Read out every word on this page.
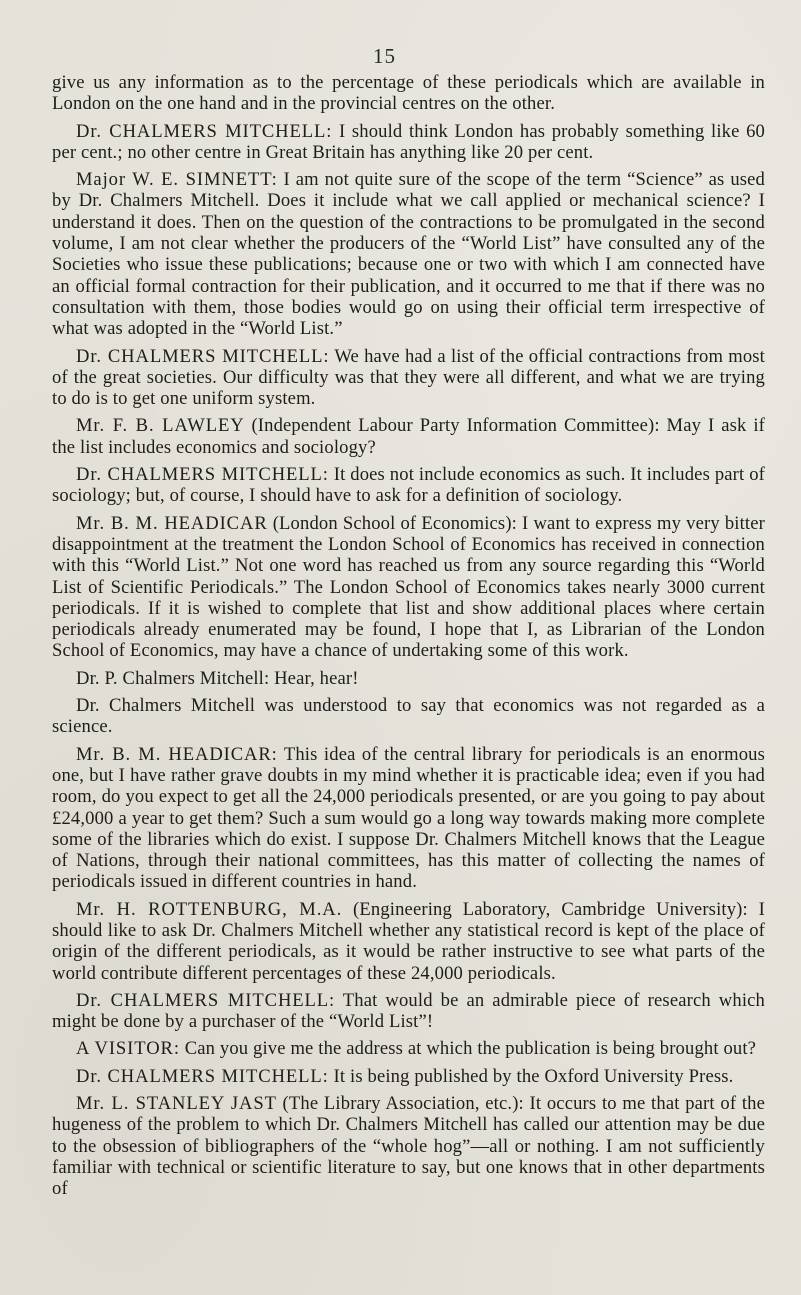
15

give us any information as to the percentage of these periodicals which are available in London on the one hand and in the provincial centres on the other.

Dr. CHALMERS MITCHELL: I should think London has probably something like 60 per cent.; no other centre in Great Britain has anything like 20 per cent.

Major W. E. SIMNETT: I am not quite sure of the scope of the term “Science” as used by Dr. Chalmers Mitchell. Does it include what we call applied or mechanical science? I understand it does. Then on the question of the contractions to be promulgated in the second volume, I am not clear whether the producers of the “World List” have consulted any of the Societies who issue these publications; because one or two with which I am connected have an official formal contraction for their publication, and it occurred to me that if there was no consultation with them, those bodies would go on using their official term irrespective of what was adopted in the “World List.”

Dr. CHALMERS MITCHELL: We have had a list of the official contractions from most of the great societies. Our difficulty was that they were all different, and what we are trying to do is to get one uniform system.

Mr. F. B. LAWLEY (Independent Labour Party Information Committee): May I ask if the list includes economics and sociology?

Dr. CHALMERS MITCHELL: It does not include economics as such. It includes part of sociology; but, of course, I should have to ask for a definition of sociology.

Mr. B. M. HEADICAR (London School of Economics): I want to express my very bitter disappointment at the treatment the London School of Economics has received in connection with this “World List.” Not one word has reached us from any source regarding this “World List of Scientific Periodicals.” The London School of Economics takes nearly 3000 current periodicals. If it is wished to complete that list and show additional places where certain periodicals already enumerated may be found, I hope that I, as Librarian of the London School of Economics, may have a chance of undertaking some of this work.

Dr. P. Chalmers Mitchell: Hear, hear!

Dr. Chalmers Mitchell was understood to say that economics was not regarded as a science.

Mr. B. M. HEADICAR: This idea of the central library for periodicals is an enormous one, but I have rather grave doubts in my mind whether it is practicable idea; even if you had room, do you expect to get all the 24,000 periodicals presented, or are you going to pay about £24,000 a year to get them? Such a sum would go a long way towards making more complete some of the libraries which do exist. I suppose Dr. Chalmers Mitchell knows that the League of Nations, through their national committees, has this matter of collecting the names of periodicals issued in different countries in hand.

Mr. H. ROTTENBURG, M.A. (Engineering Laboratory, Cambridge University): I should like to ask Dr. Chalmers Mitchell whether any statistical record is kept of the place of origin of the different periodicals, as it would be rather instructive to see what parts of the world contribute different percentages of these 24,000 periodicals.

Dr. CHALMERS MITCHELL: That would be an admirable piece of research which might be done by a purchaser of the “World List”!

A VISITOR: Can you give me the address at which the publication is being brought out?

Dr. CHALMERS MITCHELL: It is being published by the Oxford University Press.

Mr. L. STANLEY JAST (The Library Association, etc.): It occurs to me that part of the hugeness of the problem to which Dr. Chalmers Mitchell has called our attention may be due to the obsession of bibliographers of the “whole hog”—all or nothing. I am not sufficiently familiar with technical or scientific literature to say, but one knows that in other departments of
